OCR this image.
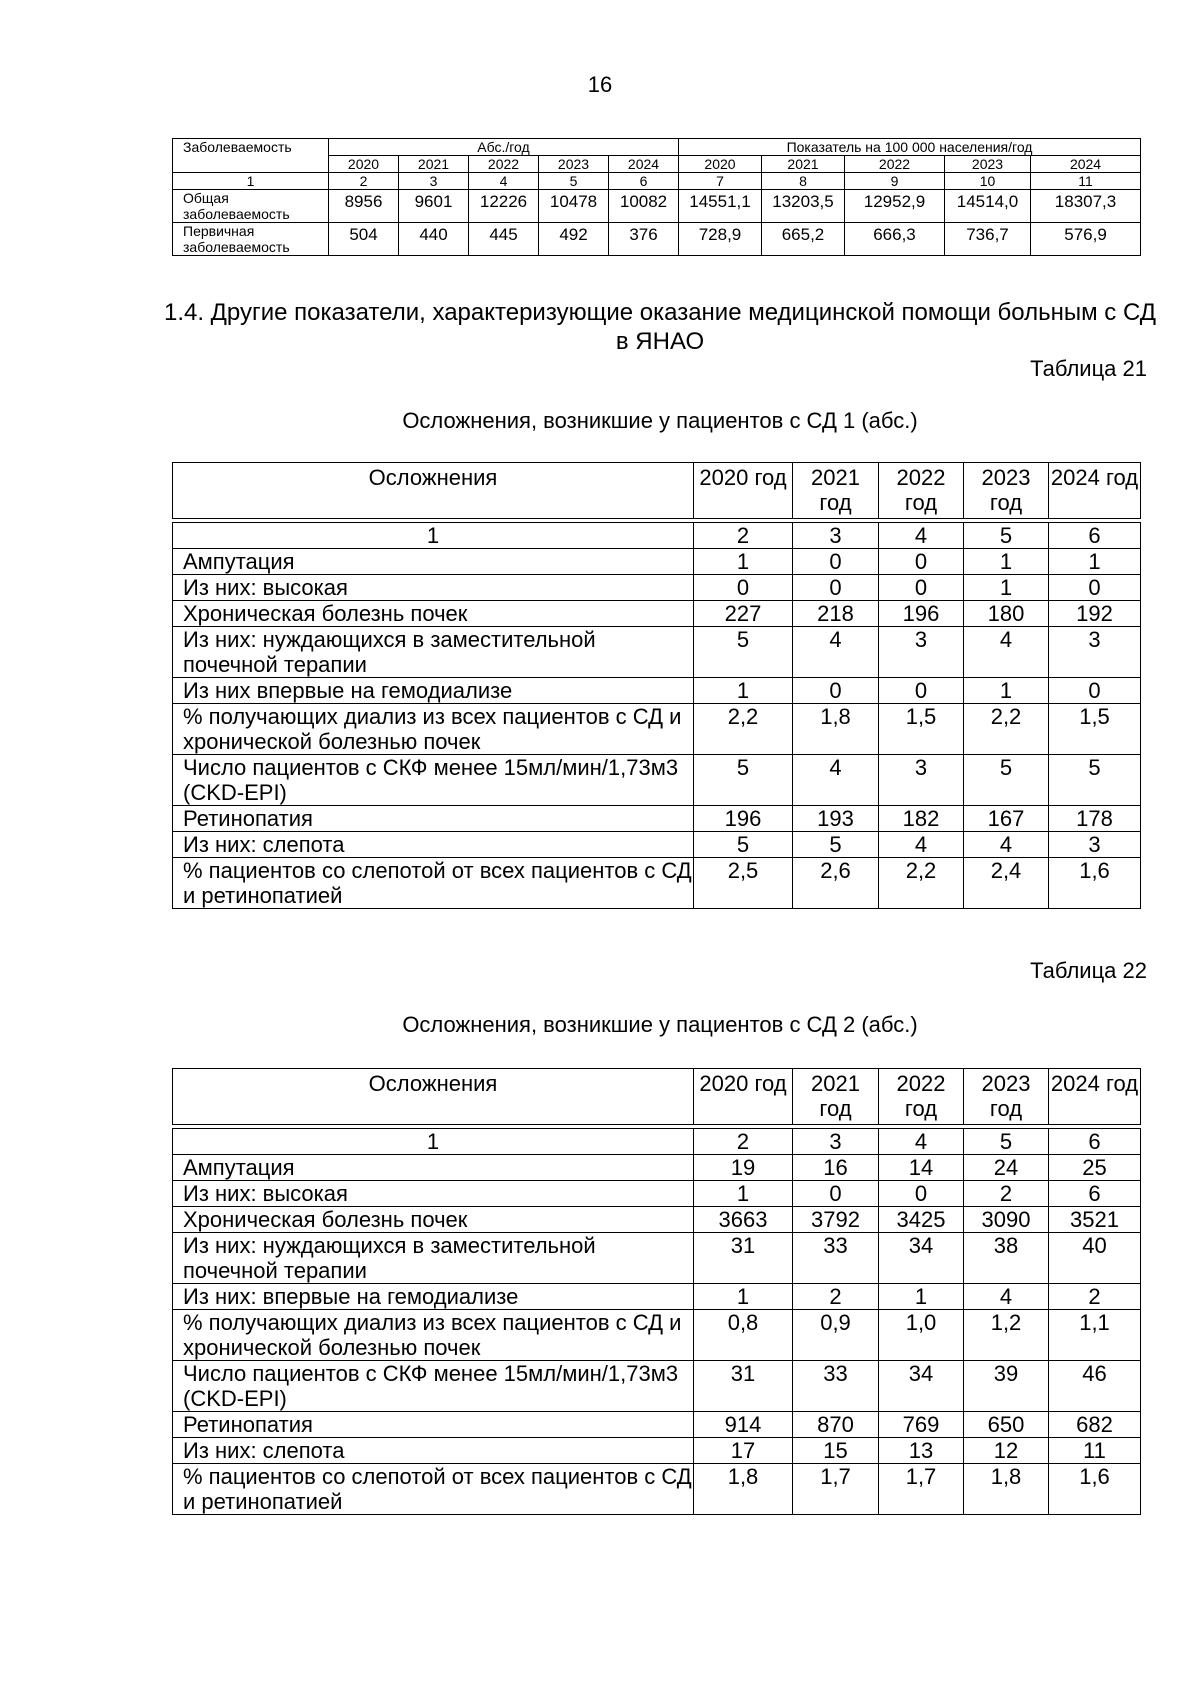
16
Заболеваемость	Абс./год					Показатель на 100 000 населения/год				
	2020	2021	2022	2023	2024	2020	2021	2022	2023	2024
1	2	3	4	5	6	7	8	9	10	11
Общая заболеваемость	8956	9601	12226	10478	10082	14551,1	13203,5	12952,9	14514,0	18307,3
Первичная заболеваемость	504	440	445	492	376	728,9	665,2	666,3	736,7	576,9
1.4. Другие показатели, характеризующие оказание медицинской помощи больным с СД в ЯНАО
Таблица 21
Осложнения, возникшие у пациентов с СД 1 (абс.)
Осложнения	2020 год	2021 год	2022 год	2023 год	2024 год

1	2	3	4	5	6
Ампутация	1	0	0	1	1
Из них: высокая	0	0	0	1	0
Хроническая болезнь почек	227	218	196	180	192
Из них: нуждающихся в заместительной почечной терапии	5	4	3	4	3
Из них впервые на гемодиализе	1	0	0	1	0
% получающих диализ из всех пациентов с СД и хронической болезнью почек	2,2	1,8	1,5	2,2	1,5
Число пациентов с СКФ менее 15мл/мин/1,73м3 (CKD-EPI)	5	4	3	5	5
Ретинопатия	196	193	182	167	178
Из них: слепота	5	5	4	4	3
% пациентов со слепотой от всех пациентов с СД и ретинопатией	2,5	2,6	2,2	2,4	1,6
Таблица 22
Осложнения, возникшие у пациентов с СД 2 (абс.)
Осложнения	2020 год	2021 год	2022 год	2023 год	2024 год

1	2	3	4	5	6
Ампутация	19	16	14	24	25
Из них: высокая	1	0	0	2	6
Хроническая болезнь почек	3663	3792	3425	3090	3521
Из них: нуждающихся в заместительной почечной терапии	31	33	34	38	40
Из них: впервые на гемодиализе	1	2	1	4	2
% получающих диализ из всех пациентов с СД и хронической болезнью почек	0,8	0,9	1,0	1,2	1,1
Число пациентов с СКФ менее 15мл/мин/1,73м3 (CKD-EPI)	31	33	34	39	46
Ретинопатия	914	870	769	650	682
Из них: слепота	17	15	13	12	11
% пациентов со слепотой от всех пациентов с СД и ретинопатией	1,8	1,7	1,7	1,8	1,6
